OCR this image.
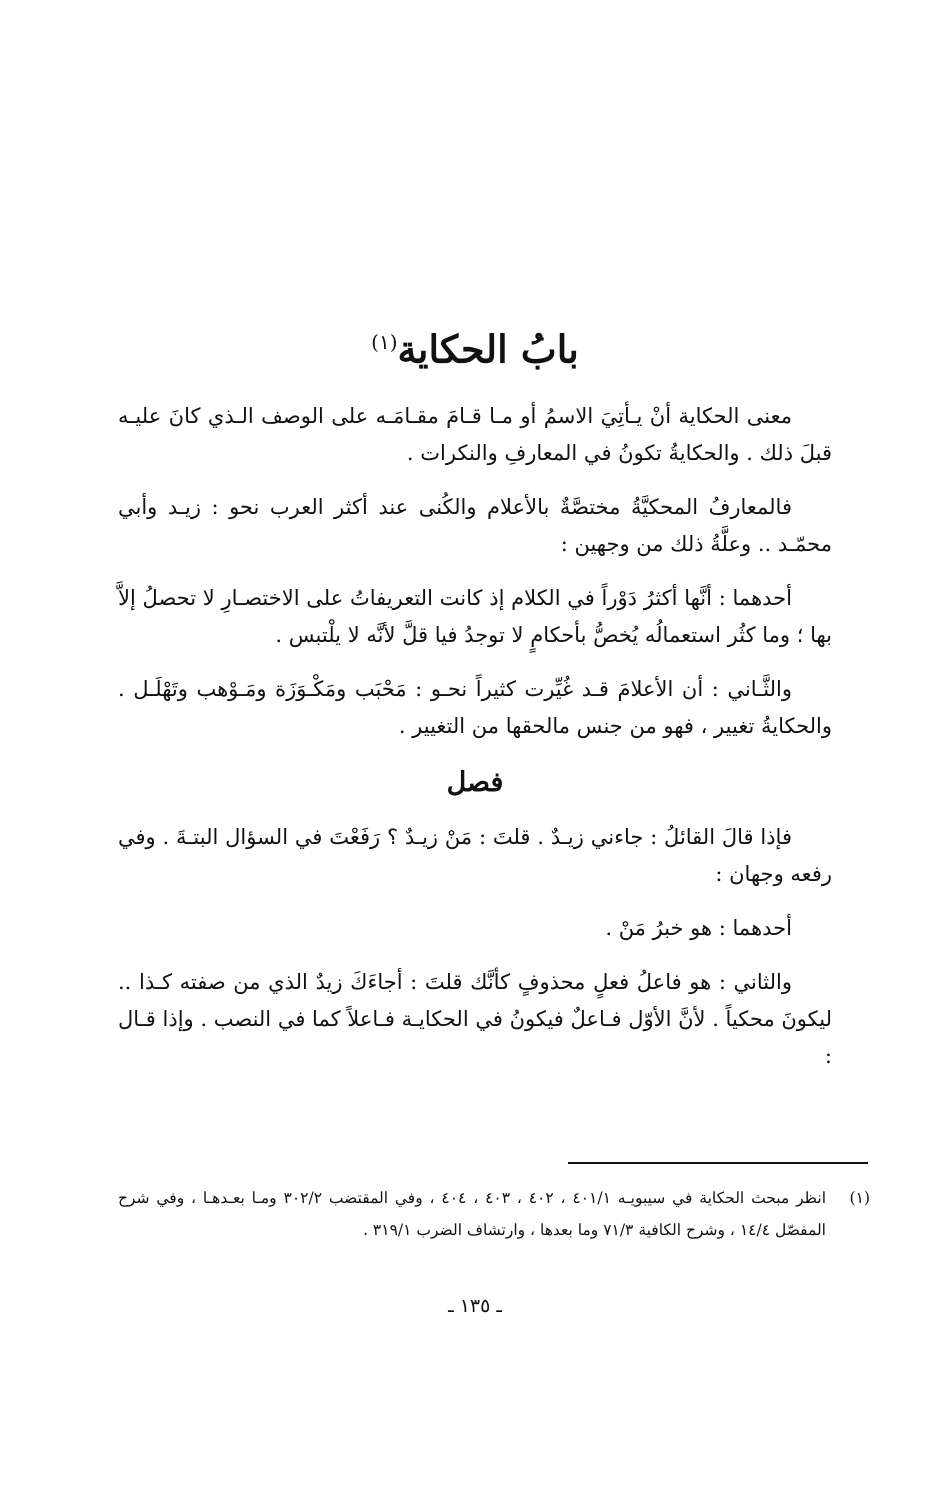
بابُ الحكاية$^{(١)}$

معنى الحكاية أنْ يـأتِيَ الاسمُ أو مـا قـامَ مقـامَـه على الوصف الـذي كانَ عليـه قبلَ ذلك . والحكايةُ تكونُ في المعارفِ والنكرات .

فالمعارفُ المحكيَّةُ مختصَّةٌ بالأعلام والكُنى عند أكثر العرب نحو : زيـد وأبي محمّـد .. وعلَّةُ ذلك من وجهين :

أحدهما : أنَّها أكثرُ دَوْراً في الكلام إذ كانت التعريفاتُ على الاختصـارِ لا تحصلُ إلاَّ بها ؛ وما كثُر استعمالُه يُخصُّ بأحكامٍ لا توجدُ فيا قلَّ لأنَّه لا يلْتبس .

والثَّـاني : أن الأعلامَ قـد غُيِّرت كثيراً نحـو : مَحْبَب ومَكْـوَزَة ومَـوْهب وتَهْلَـل . والحكايةُ تغيير ، فهو من جنس مالحقها من التغيير .

فصل

فإذا قالَ القائلُ : جاءني زيـدٌ . قلتَ : مَنْ زيـدٌ ؟ رَفَعْتَ في السؤال البتـةَ . وفي رفعه وجهان :

أحدهما : هو خبرُ مَنْ .

والثاني : هو فاعلُ فعلٍ محذوفٍ كأنَّك قلتَ : أجاءَكَ زيدٌ الذي من صفته كـذا .. ليكونَ محكياً . لأنَّ الأوّل فـاعلٌ فيكونُ في الحكايـة فـاعلاً كما في النصب . وإذا قـال :

(١)
انظر مبحث الحكاية في سيبويـه ٤٠١/١ ، ٤٠٢ ، ٤٠٣ ، ٤٠٤ ، وفي المقتضب ٣٠٢/٢ ومـا بعـدهـا ، وفي شرح المفصّل ١٤/٤ ، وشرح الكافية ٧١/٣ وما بعدها ، وارتشاف الضرب ٣١٩/١ .
ـ ١٣٥ ـ
